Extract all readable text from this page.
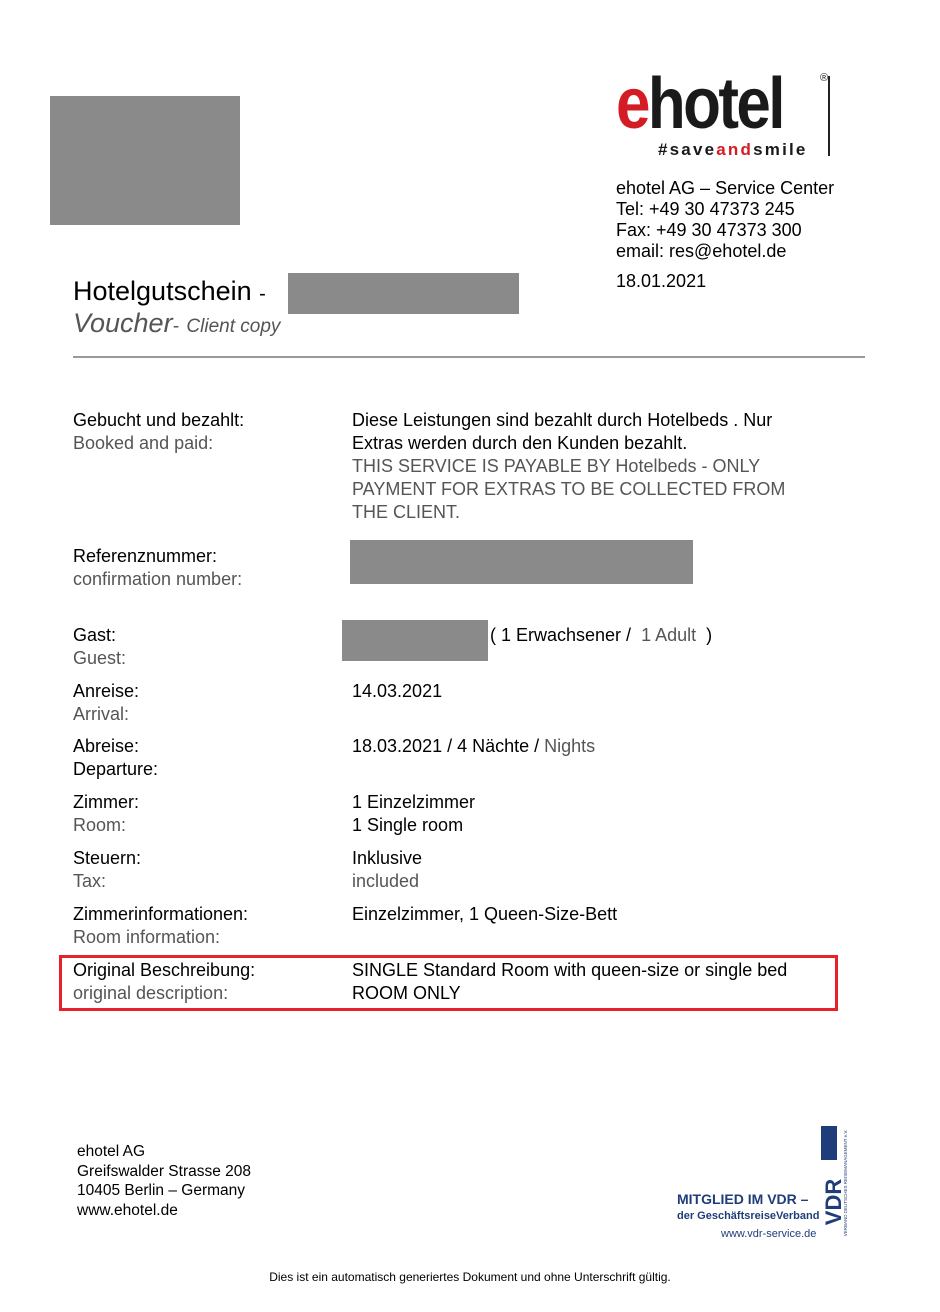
ehotel	®
#saveandsmile
ehotel AG – Service Center
Tel: +49 30 47373 245
Fax: +49 30 47373 300
email: res@ehotel.de
18.01.2021
Hotelgutschein -
Voucher- Client copy
Gebucht und bezahlt:
Booked and paid:
Diese Leistungen sind bezahlt durch Hotelbeds . Nur
Extras werden durch den Kunden bezahlt.
THIS SERVICE IS PAYABLE BY Hotelbeds - ONLY
PAYMENT FOR EXTRAS TO BE COLLECTED FROM
THE CLIENT.
Referenznummer:
confirmation number:
Gast:
Guest:
( 1 Erwachsener / 1 Adult )
Anreise:
Arrival:
14.03.2021
Abreise:
Departure:
18.03.2021 / 4 Nächte / Nights
Zimmer:
Room:
1 Einzelzimmer
1 Single room
Steuern:
Tax:
Inklusive
included
Zimmerinformationen:
Room information:
Einzelzimmer, 1 Queen-Size-Bett
Original Beschreibung:
original description:
SINGLE Standard Room with queen-size or single bed
ROOM ONLY
ehotel AG
Greifswalder Strasse 208
10405 Berlin – Germany
www.ehotel.de
MITGLIED IM VDR –
der GeschäftsreiseVerband
www.vdr-service.de
VDR
VERBAND DEUTSCHES REISEMANAGEMENT e.V.
Dies ist ein automatisch generiertes Dokument und ohne Unterschrift gültig.
